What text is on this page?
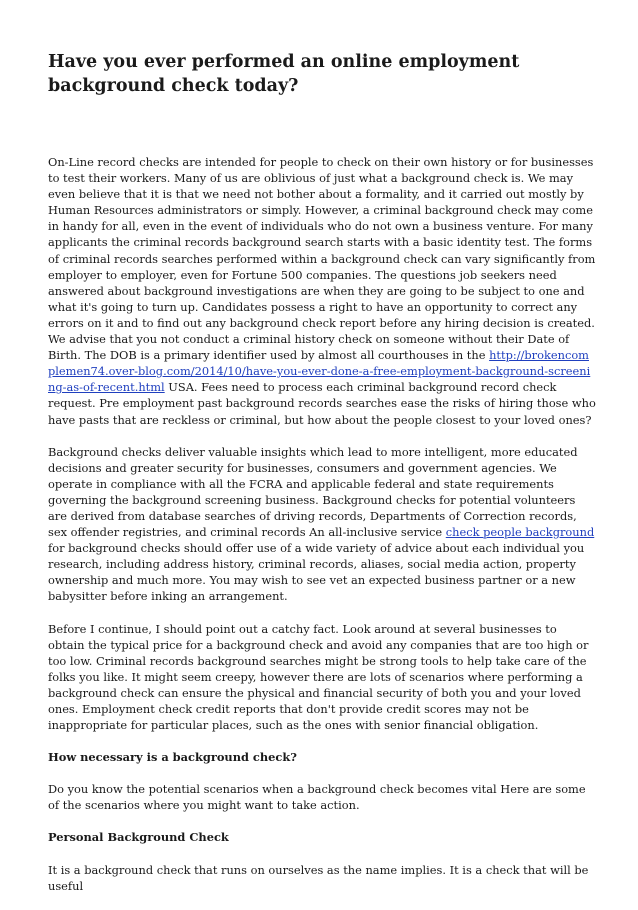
Have you ever performed an online employment background check today?

On-Line record checks are intended for people to check on their own history or for businesses to test their workers. Many of us are oblivious of just what a background check is. We may even believe that it is that we need not bother about a formality, and it carried out mostly by Human Resources administrators or simply. However, a criminal background check may come in handy for all, even in the event of individuals who do not own a business venture. For many applicants the criminal records background search starts with a basic identity test. The forms of criminal records searches performed within a background check can vary significantly from employer to employer, even for Fortune 500 companies. The questions job seekers need answered about background investigations are when they are going to be subject to one and what it's going to turn up. Candidates possess a right to have an opportunity to correct any errors on it and to find out any background check report before any hiring decision is created. We advise that you not conduct a criminal history check on someone without their Date of Birth. The DOB is a primary identifier used by almost all courthouses in the http://brokencomplemen74.over-blog.com/2014/10/have-you-ever-done-a-free-employment-background-screening-as-of-recent.html USA. Fees need to process each criminal background record check request. Pre employment past background records searches ease the risks of hiring those who have pasts that are reckless or criminal, but how about the people closest to your loved ones?

Background checks deliver valuable insights which lead to more intelligent, more educated decisions and greater security for businesses, consumers and government agencies. We operate in compliance with all the FCRA and applicable federal and state requirements governing the background screening business. Background checks for potential volunteers are derived from database searches of driving records, Departments of Correction records, sex offender registries, and criminal records An all-inclusive service check people background for background checks should offer use of a wide variety of advice about each individual you research, including address history, criminal records, aliases, social media action, property ownership and much more. You may wish to see vet an expected business partner or a new babysitter before inking an arrangement.

Before I continue, I should point out a catchy fact. Look around at several businesses to obtain the typical price for a background check and avoid any companies that are too high or too low. Criminal records background searches might be strong tools to help take care of the folks you like. It might seem creepy, however there are lots of scenarios where performing a background check can ensure the physical and financial security of both you and your loved ones. Employment check credit reports that don't provide credit scores may not be inappropriate for particular places, such as the ones with senior financial obligation.

How necessary is a background check?

Do you know the potential scenarios when a background check becomes vital Here are some of the scenarios where you might want to take action.

Personal Background Check

It is a background check that runs on ourselves as the name implies. It is a check that will be useful
